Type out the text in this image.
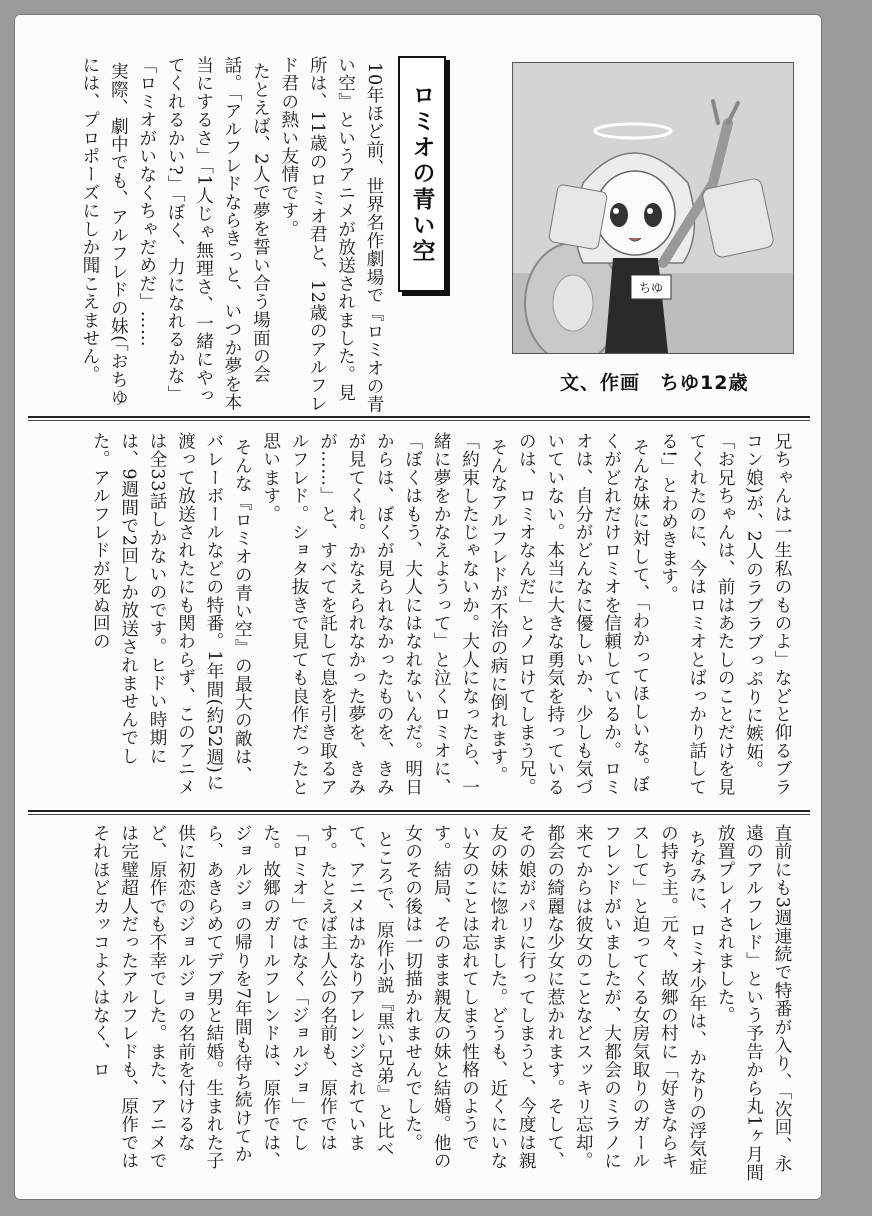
10年ほど前、世界名作劇場で『ロミオの青い空』というアニメが放送されました。見所は、11歳のロミオ君と、12歳のアルフレド君の熱い友情です。
たとえば、2人で夢を誓い合う場面の会話。「アルフレドならきっと、いつか夢を本当にするさ」「1人じゃ無理さ、一緒にやってくれるかい?」「ぼく、力になれるかな」「ロミオがいなくちゃだめだ」……
実際、劇中でも、アルフレドの妹(「おちゆには、プロポーズにしか聞こえません。	ロミオの青い空
ちゆ
文、作画　ちゆ12歳
兄ちゃんは一生私のものよ」などと仰るブラコン娘)が、2人のラブラブっぷりに嫉妬。「お兄ちゃんは、前はあたしのことだけを見てくれたのに、今はロミオとばっかり話してる!」とわめきます。
そんな妹に対して、「わかってほしいな。ぼくがどれだけロミオを信頼しているか。ロミオは、自分がどんなに優しいか、少しも気づいていない。本当に大きな勇気を持っているのは、ロミオなんだ」とノロけてしまう兄。
そんなアルフレドが不治の病に倒れます。「約束したじゃないか。大人になったら、一緒に夢をかなえようって」と泣くロミオに、「ぼくはもう、大人にはなれないんだ。明日からは、ぼくが見られなかったものを、きみが見てくれ。かなえられなかった夢を、きみが……」と、すべてを託して息を引き取るアルフレド。ショタ抜きで見ても良作だったと思います。
そんな『ロミオの青い空』の最大の敵は、バレーボールなどの特番。1年間(約52週)に渡って放送されたにも関わらず、このアニメは全33話しかないのです。ヒドい時期には、9週間で2回しか放送されませんでした。アルフレドが死ぬ回の
直前にも3週連続で特番が入り、「次回、永遠のアルフレド」という予告から丸1ヶ月間放置プレイされました。
ちなみに、ロミオ少年は、かなりの浮気症の持ち主。元々、故郷の村に「好きならキスして」と迫ってくる女房気取りのガールフレンドがいましたが、大都会のミラノに来てからは彼女のことなどスッキリ忘却。都会の綺麗な少女に惹かれます。そして、その娘がパリに行ってしまうと、今度は親友の妹に惚れました。どうも、近くにいない女のことは忘れてしまう性格のようです。結局、そのまま親友の妹と結婚。他の女のその後は一切描かれませんでした。
ところで、原作小説『黒い兄弟』と比べて、アニメはかなりアレンジされています。たとえば主人公の名前も、原作では「ロミオ」ではなく「ジョルジョ」でした。故郷のガールフレンドは、原作では、ジョルジョの帰りを7年間も待ち続けてから、あきらめてデブ男と結婚。生まれた子供に初恋のジョルジョの名前を付けるなど、原作でも不幸でした。また、アニメでは完璧超人だったアルフレドも、原作ではそれほどカッコよくはなく、ロ
